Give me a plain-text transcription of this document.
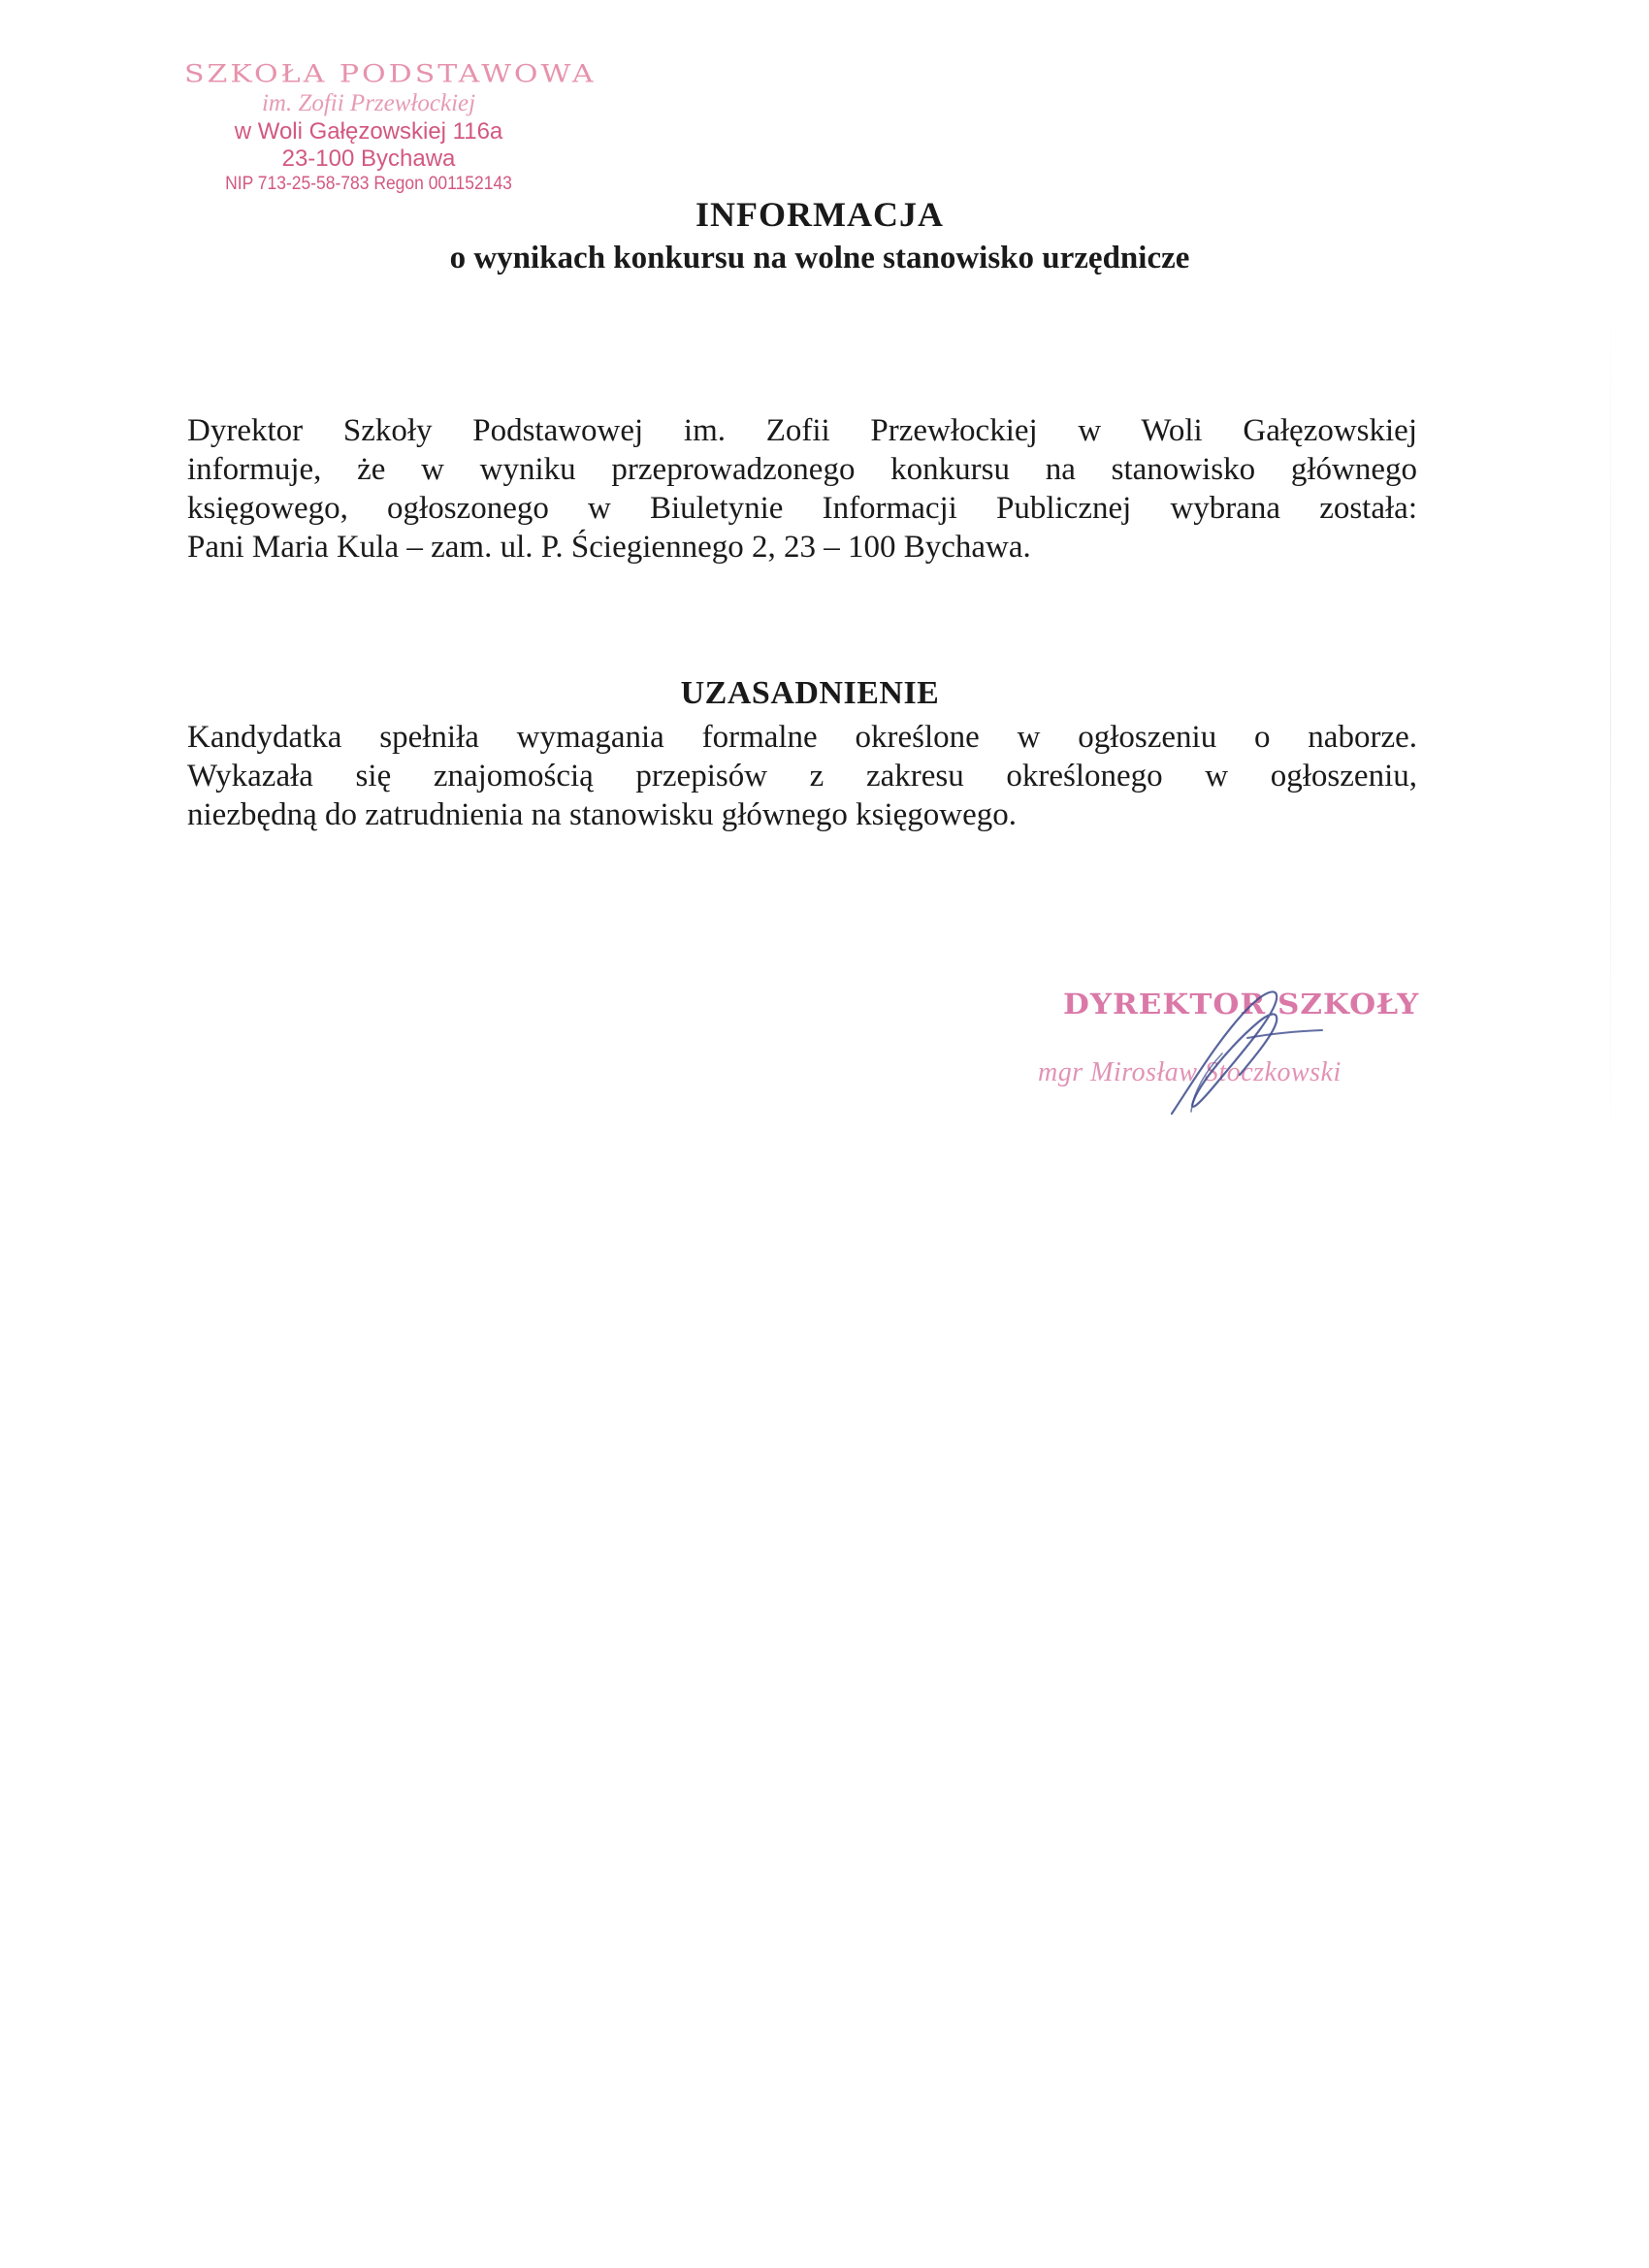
SZKOŁA PODSTAWOWA
im. Zofii Przewłockiej
w Woli Gałęzowskiej 116a
23-100 Bychawa
NIP 713-25-58-783 Regon 001152143
INFORMACJA
o wynikach konkursu na wolne stanowisko urzędnicze

Dyrektor Szkoły Podstawowej im. Zofii Przewłockiej w Woli Gałęzowskiej
informuje, że w wyniku przeprowadzonego konkursu na stanowisko głównego
księgowego, ogłoszonego w Biuletynie Informacji Publicznej wybrana została:
Pani Maria Kula – zam. ul. P. Ściegiennego 2, 23 – 100 Bychawa.

UZASADNIENIE

Kandydatka spełniła wymagania formalne określone w ogłoszeniu o naborze.
Wykazała się znajomością przepisów z zakresu określonego w ogłoszeniu,
niezbędną do zatrudnienia na stanowisku głównego księgowego.

DYREKTOR SZKOŁY
mgr Mirosław Stoczkowski
